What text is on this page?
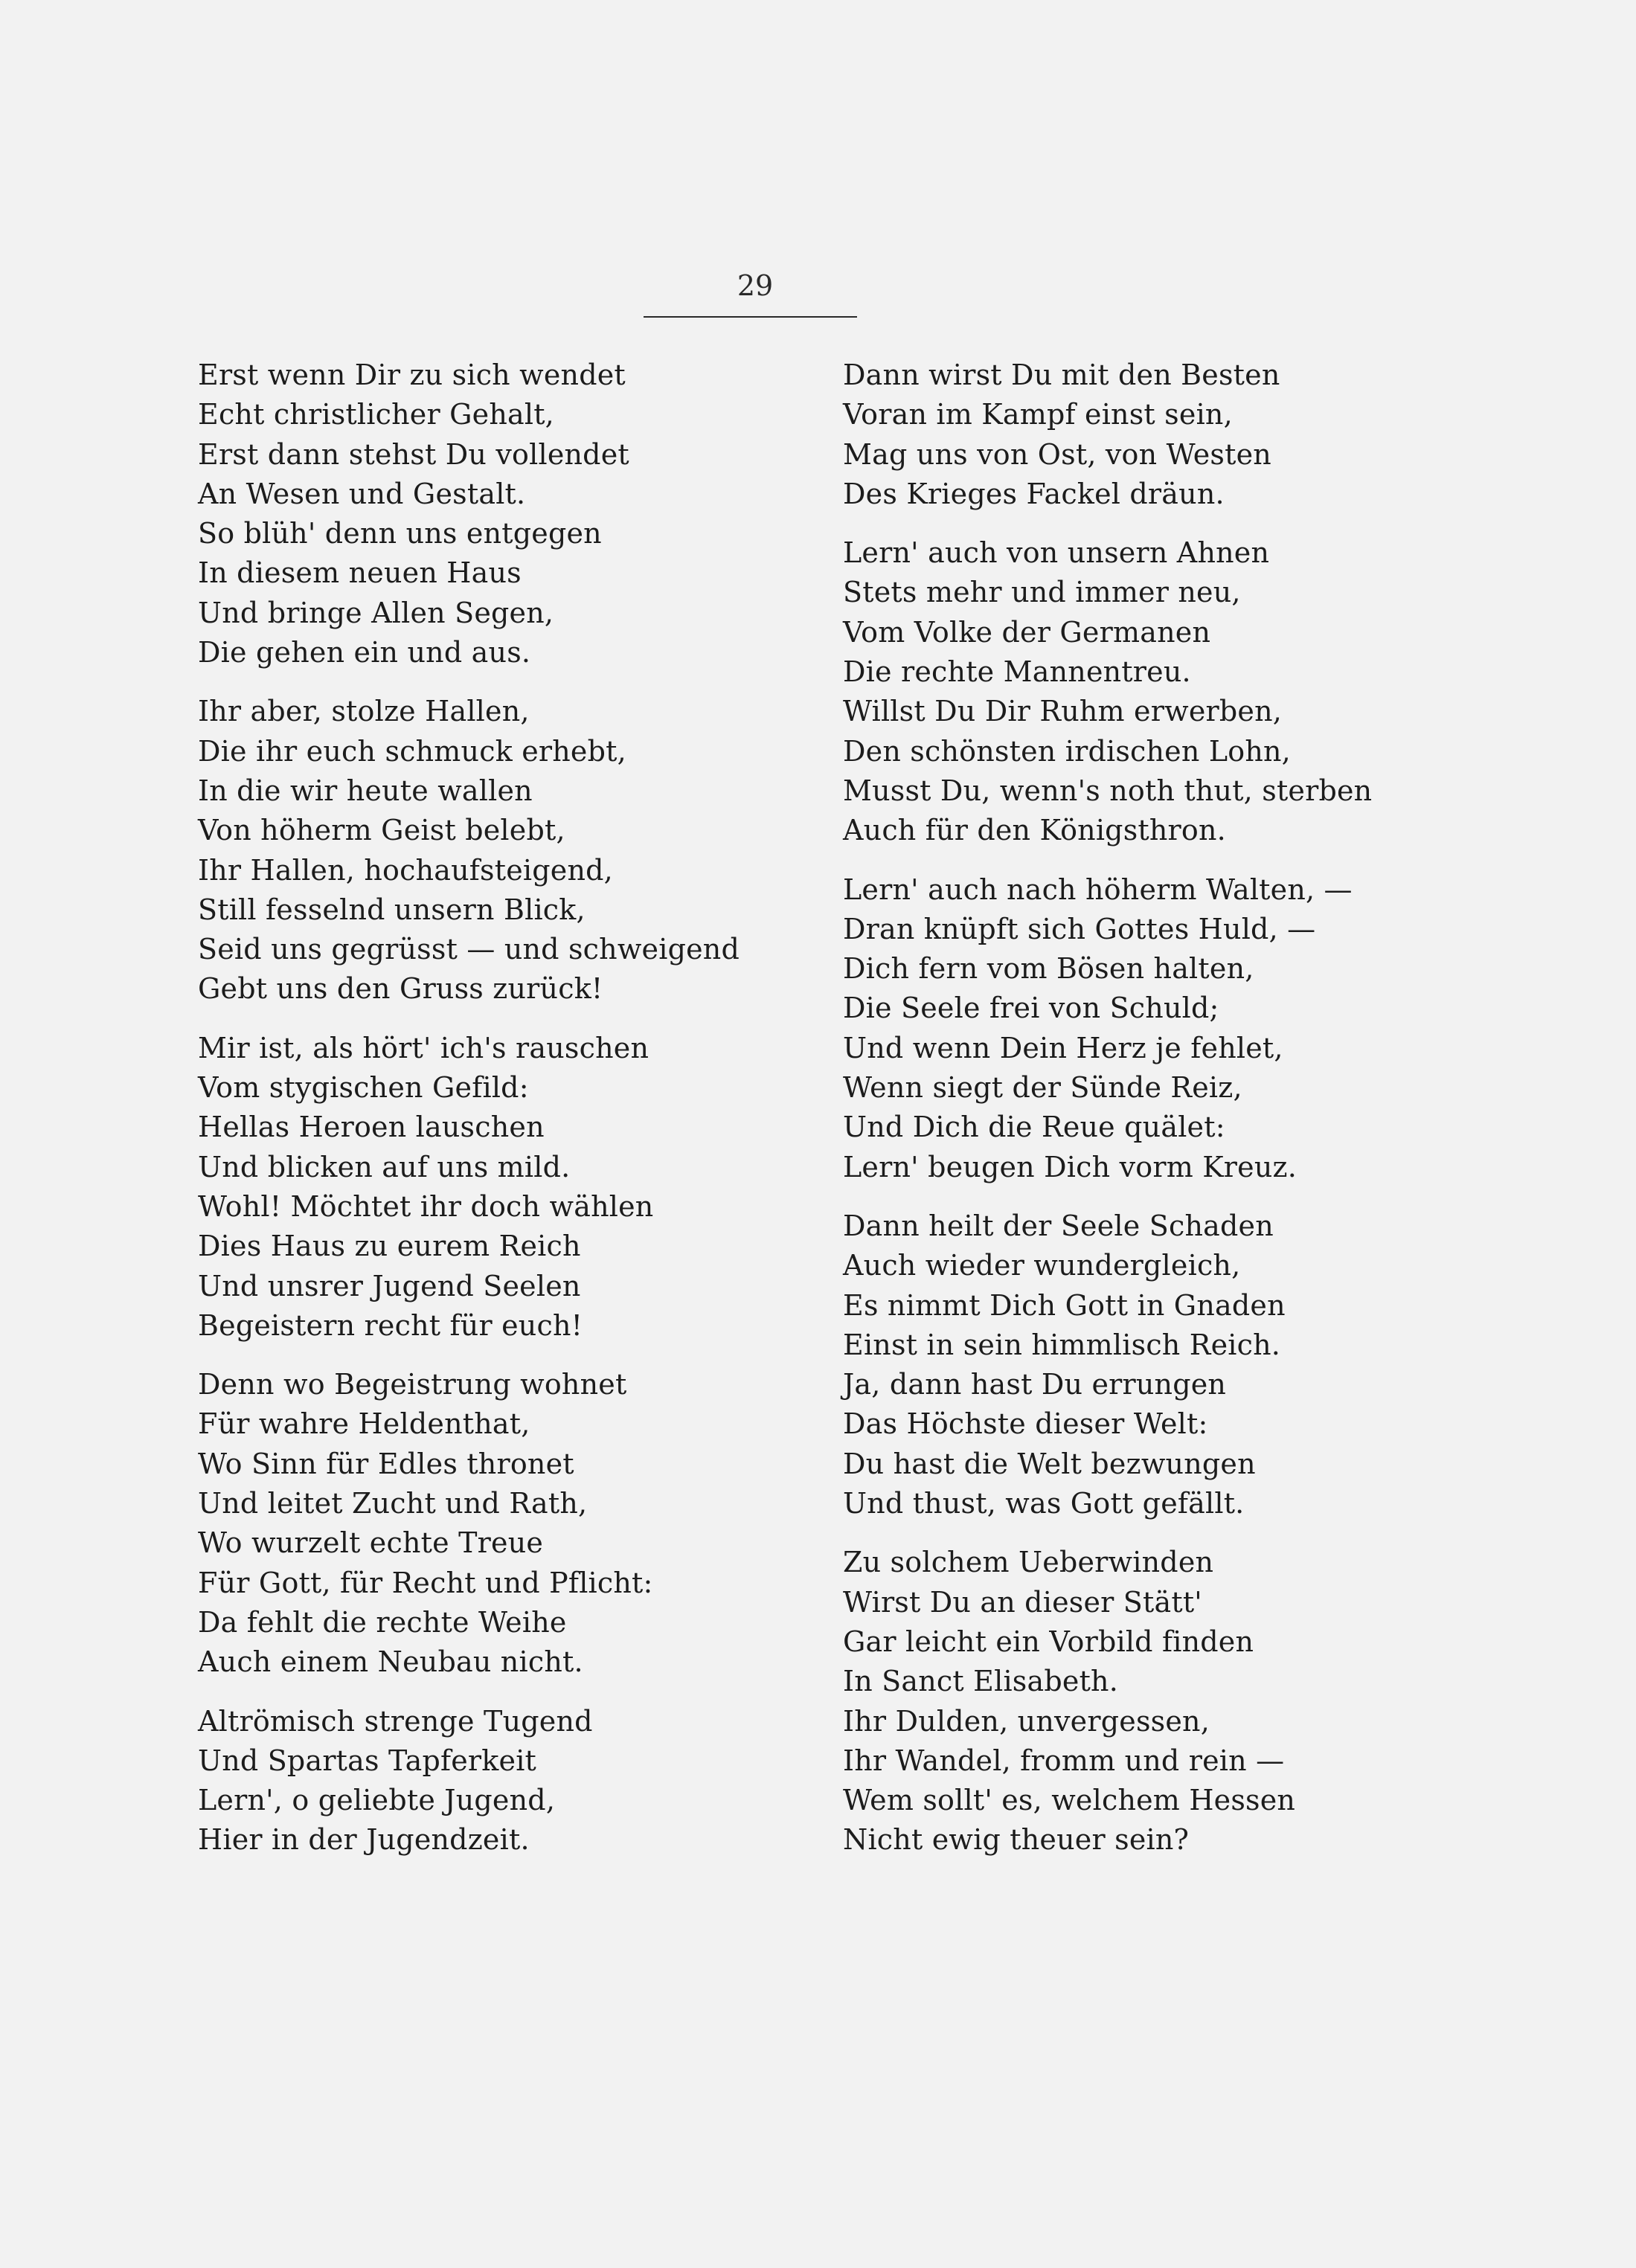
29
Erst wenn Dir zu sich wendet
Echt christlicher Gehalt,
Erst dann stehst Du vollendet
An Wesen und Gestalt.
So blüh' denn uns entgegen
In diesem neuen Haus
Und bringe Allen Segen,
Die gehen ein und aus.
Ihr aber, stolze Hallen,
Die ihr euch schmuck erhebt,
In die wir heute wallen
Von höherm Geist belebt,
Ihr Hallen, hochaufsteigend,
Still fesselnd unsern Blick,
Seid uns gegrüsst — und schweigend
Gebt uns den Gruss zurück!
Mir ist, als hört' ich's rauschen
Vom stygischen Gefild:
Hellas Heroen lauschen
Und blicken auf uns mild.
Wohl! Möchtet ihr doch wählen
Dies Haus zu eurem Reich
Und unsrer Jugend Seelen
Begeistern recht für euch!
Denn wo Begeistrung wohnet
Für wahre Heldenthat,
Wo Sinn für Edles thronet
Und leitet Zucht und Rath,
Wo wurzelt echte Treue
Für Gott, für Recht und Pflicht:
Da fehlt die rechte Weihe
Auch einem Neubau nicht.
Altrömisch strenge Tugend
Und Spartas Tapferkeit
Lern', o geliebte Jugend,
Hier in der Jugendzeit.
Dann wirst Du mit den Besten
Voran im Kampf einst sein,
Mag uns von Ost, von Westen
Des Krieges Fackel dräun.
Lern' auch von unsern Ahnen
Stets mehr und immer neu,
Vom Volke der Germanen
Die rechte Mannentreu.
Willst Du Dir Ruhm erwerben,
Den schönsten irdischen Lohn,
Musst Du, wenn's noth thut, sterben
Auch für den Königsthron.
Lern' auch nach höherm Walten, —
Dran knüpft sich Gottes Huld, —
Dich fern vom Bösen halten,
Die Seele frei von Schuld;
Und wenn Dein Herz je fehlet,
Wenn siegt der Sünde Reiz,
Und Dich die Reue quälet:
Lern' beugen Dich vorm Kreuz.
Dann heilt der Seele Schaden
Auch wieder wundergleich,
Es nimmt Dich Gott in Gnaden
Einst in sein himmlisch Reich.
Ja, dann hast Du errungen
Das Höchste dieser Welt:
Du hast die Welt bezwungen
Und thust, was Gott gefällt.
Zu solchem Ueberwinden
Wirst Du an dieser Stätt'
Gar leicht ein Vorbild finden
In Sanct Elisabeth.
Ihr Dulden, unvergessen,
Ihr Wandel, fromm und rein —
Wem sollt' es, welchem Hessen
Nicht ewig theuer sein?
